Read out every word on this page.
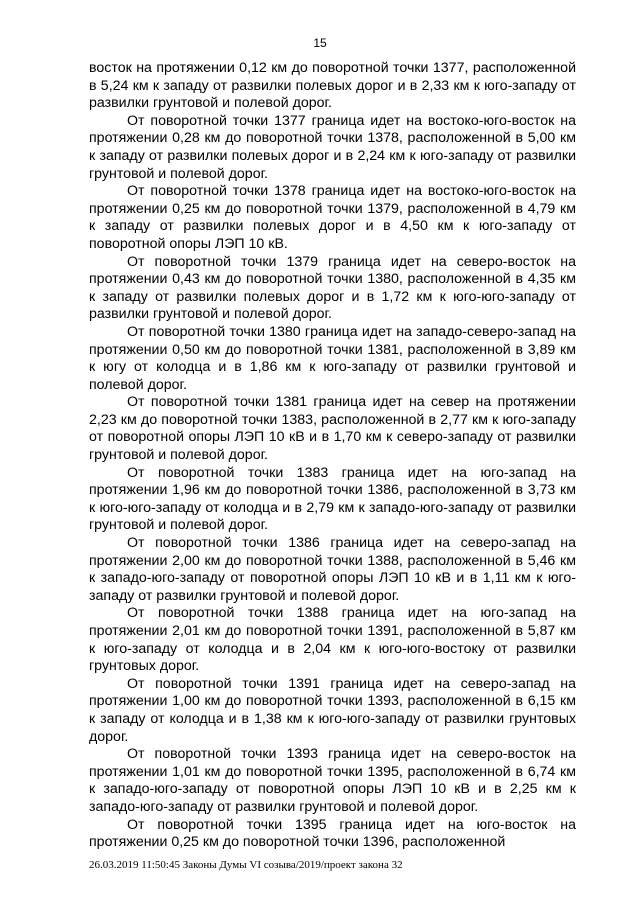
15

восток на протяжении 0,12 км до поворотной точки 1377, расположенной в 5,24 км к западу от развилки полевых дорог и в 2,33 км к юго-западу от развилки грунтовой и полевой дорог.

От поворотной точки 1377 граница идет на востоко-юго-восток на протяжении 0,28 км до поворотной точки 1378, расположенной в 5,00 км к западу от развилки полевых дорог и в 2,24 км к юго-западу от развилки грунтовой и полевой дорог.

От поворотной точки 1378 граница идет на востоко-юго-восток на протяжении 0,25 км до поворотной точки 1379, расположенной в 4,79 км к западу от развилки полевых дорог и в 4,50 км к юго-западу от поворотной опоры ЛЭП 10 кВ.

От поворотной точки 1379 граница идет на северо-восток на протяжении 0,43 км до поворотной точки 1380, расположенной в 4,35 км к западу от развилки полевых дорог и в 1,72 км к юго-юго-западу от развилки грунтовой и полевой дорог.

От поворотной точки 1380 граница идет на западо-северо-запад на протяжении 0,50 км до поворотной точки 1381, расположенной в 3,89 км к югу от колодца и в 1,86 км к юго-западу от развилки грунтовой и полевой дорог.

От поворотной точки 1381 граница идет на север на протяжении 2,23 км до поворотной точки 1383, расположенной в 2,77 км к юго-западу от поворотной опоры ЛЭП 10 кВ и в 1,70 км к северо-западу от развилки грунтовой и полевой дорог.

От поворотной точки 1383 граница идет на юго-запад на протяжении 1,96 км до поворотной точки 1386, расположенной в 3,73 км к юго-юго-западу от колодца и в 2,79 км к западо-юго-западу от развилки грунтовой и полевой дорог.

От поворотной точки 1386 граница идет на северо-запад на протяжении 2,00 км до поворотной точки 1388, расположенной в 5,46 км к западо-юго-западу от поворотной опоры ЛЭП 10 кВ и в 1,11 км к юго-западу от развилки грунтовой и полевой дорог.

От поворотной точки 1388 граница идет на юго-запад на протяжении 2,01 км до поворотной точки 1391, расположенной в 5,87 км к юго-западу от колодца и в 2,04 км к юго-юго-востоку от развилки грунтовых дорог.

От поворотной точки 1391 граница идет на северо-запад на протяжении 1,00 км до поворотной точки 1393, расположенной в 6,15 км к западу от колодца и в 1,38 км к юго-юго-западу от развилки грунтовых дорог.

От поворотной точки 1393 граница идет на северо-восток на протяжении 1,01 км до поворотной точки 1395, расположенной в 6,74 км к западо-юго-западу от поворотной опоры ЛЭП 10 кВ и в 2,25 км к западо-юго-западу от развилки грунтовой и полевой дорог.

От поворотной точки 1395 граница идет на юго-восток на протяжении 0,25 км до поворотной точки 1396, расположенной

26.03.2019 11:50:45 Законы Думы VI созыва/2019/проект закона 32
